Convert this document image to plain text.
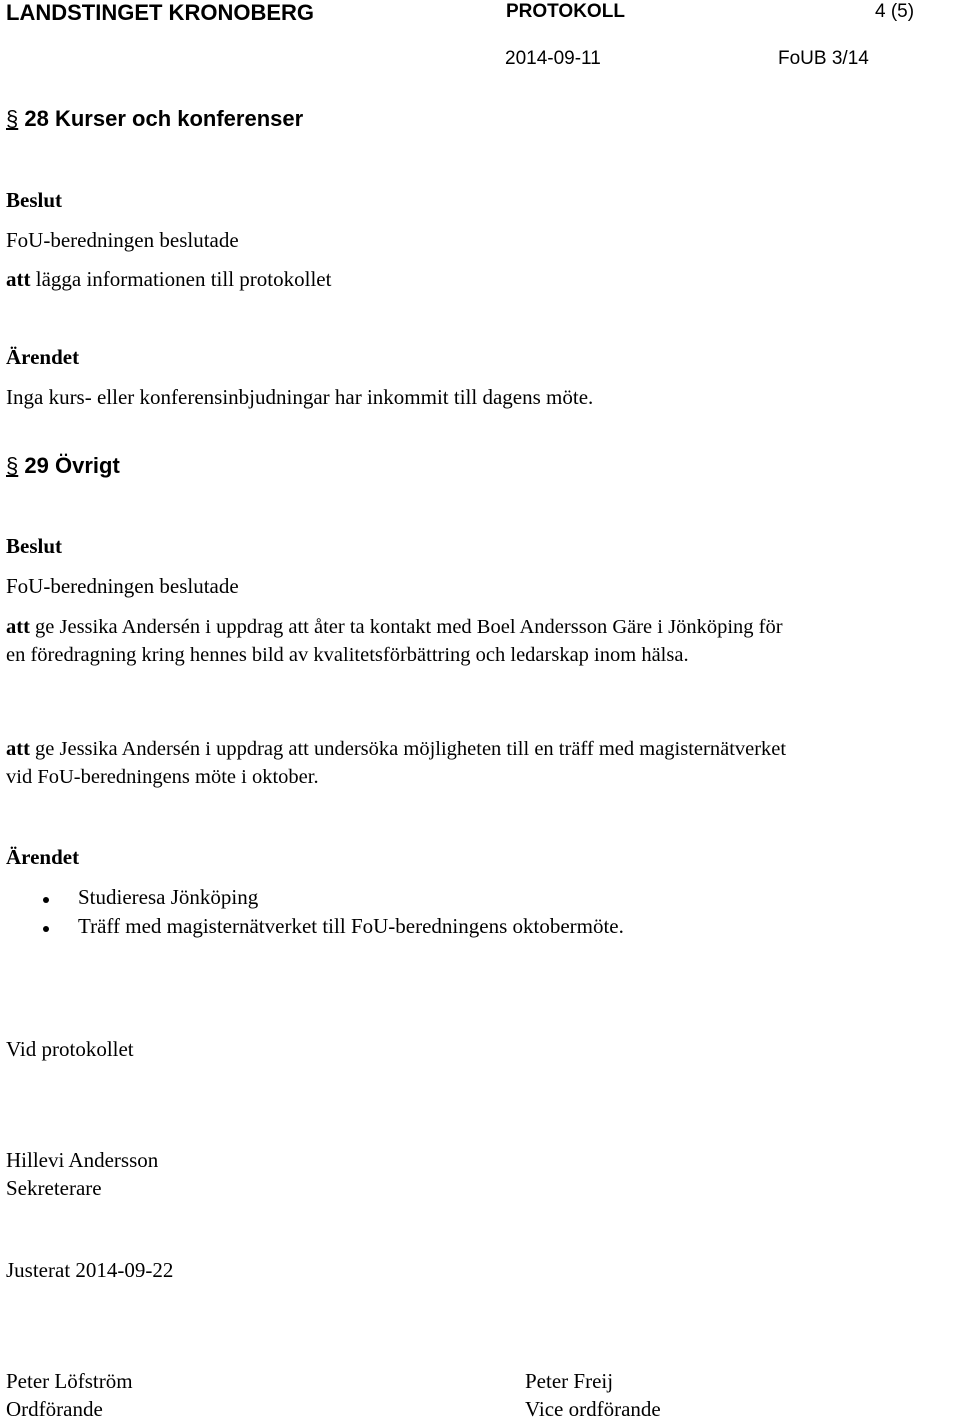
LANDSTINGET KRONOBERG	PROTOKOLL	4 (5)
2014-09-11	FoUB 3/14
§ 28 Kurser och konferenser
Beslut
FoU-beredningen beslutade
att lägga informationen till protokollet
Ärendet
Inga kurs- eller konferensinbjudningar har inkommit till dagens möte.
§ 29 Övrigt
Beslut
FoU-beredningen beslutade
att ge Jessika Andersén i uppdrag att åter ta kontakt med Boel Andersson Gäre i Jönköping för en föredragning kring hennes bild av kvalitetsförbättring och ledarskap inom hälsa.
att ge Jessika Andersén i uppdrag att undersöka möjligheten till en träff med magisternätverket vid FoU-beredningens möte i oktober.
Ärendet
Studieresa Jönköping
Träff med magisternätverket till FoU-beredningens oktobermöte.
Vid protokollet
Hillevi Andersson
Sekreterare
Justerat 2014-09-22
Peter Löfström
Ordförande
Peter Freij
Vice ordförande
